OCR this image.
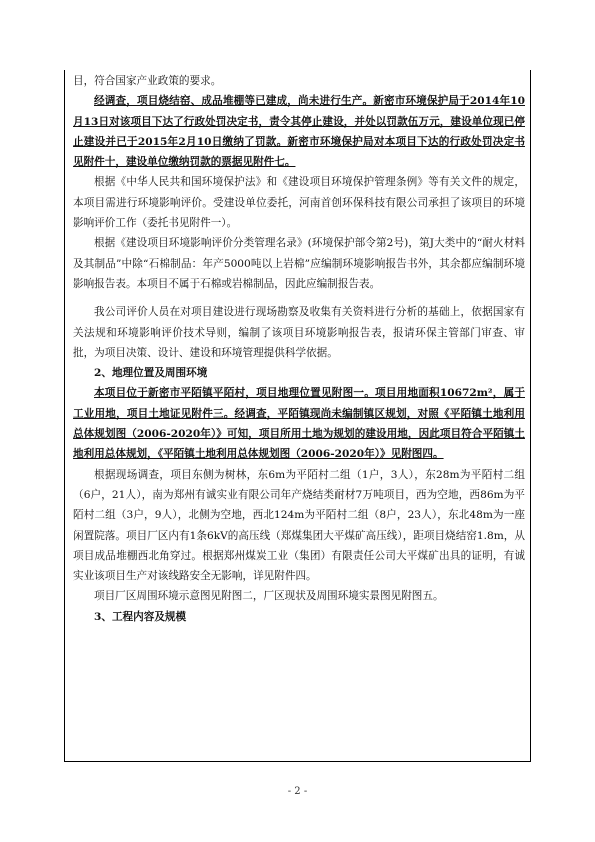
目，符合国家产业政策的要求。

经调查，项目烧结窑、成品堆棚等已建成，尚未进行生产。新密市环境保护局于2014年10月13日对该项目下达了行政处罚决定书，责令其停止建设，并处以罚款伍万元，建设单位现已停止建设并已于2015年2月10日缴纳了罚款。新密市环境保护局对本项目下达的行政处罚决定书见附件十，建设单位缴纳罚款的票据见附件七。

根据《中华人民共和国环境保护法》和《建设项目环境保护管理条例》等有关文件的规定，本项目需进行环境影响评价。受建设单位委托，河南首创环保科技有限公司承担了该项目的环境影响评价工作（委托书见附件一）。

根据《建设项目环境影响评价分类管理名录》(环境保护部令第2号)，第J大类中的“耐火材料及其制品”中除“石棉制品：年产5000吨以上岩棉”应编制环境影响报告书外，其余都应编制环境影响报告表。本项目不属于石棉或岩棉制品，因此应编制报告表。

我公司评价人员在对项目建设进行现场勘察及收集有关资料进行分析的基础上，依据国家有关法规和环境影响评价技术导则，编制了该项目环境影响报告表，报请环保主管部门审查、审批，为项目决策、设计、建设和环境管理提供科学依据。

2、地理位置及周围环境

本项目位于新密市平陌镇平陌村，项目地理位置见附图一。项目用地面积10672m²，属于工业用地，项目土地证见附件三。经调查，平陌镇现尚未编制镇区规划，对照《平陌镇土地利用总体规划图（2006-2020年）》可知，项目所用土地为规划的建设用地，因此项目符合平陌镇土地利用总体规划，《平陌镇土地利用总体规划图（2006-2020年）》见附图四。

根据现场调查，项目东侧为树林，东6m为平陌村二组（1户，3人），东28m为平陌村二组（6户，21人），南为郑州有诚实业有限公司年产烧结类耐材7万吨项目，西为空地，西86m为平陌村二组（3户，9人），北侧为空地，西北124m为平陌村二组（8户，23人），东北48m为一座闲置院落。项目厂区内有1条6kV的高压线（郑煤集团大平煤矿高压线），距项目烧结窑1.8m，从项目成品堆棚西北角穿过。根据郑州煤炭工业（集团）有限责任公司大平煤矿出具的证明，有诚实业该项目生产对该线路安全无影响，详见附件四。

项目厂区周围环境示意图见附图二，厂区现状及周围环境实景图见附图五。

3、工程内容及规模

- 2 -
